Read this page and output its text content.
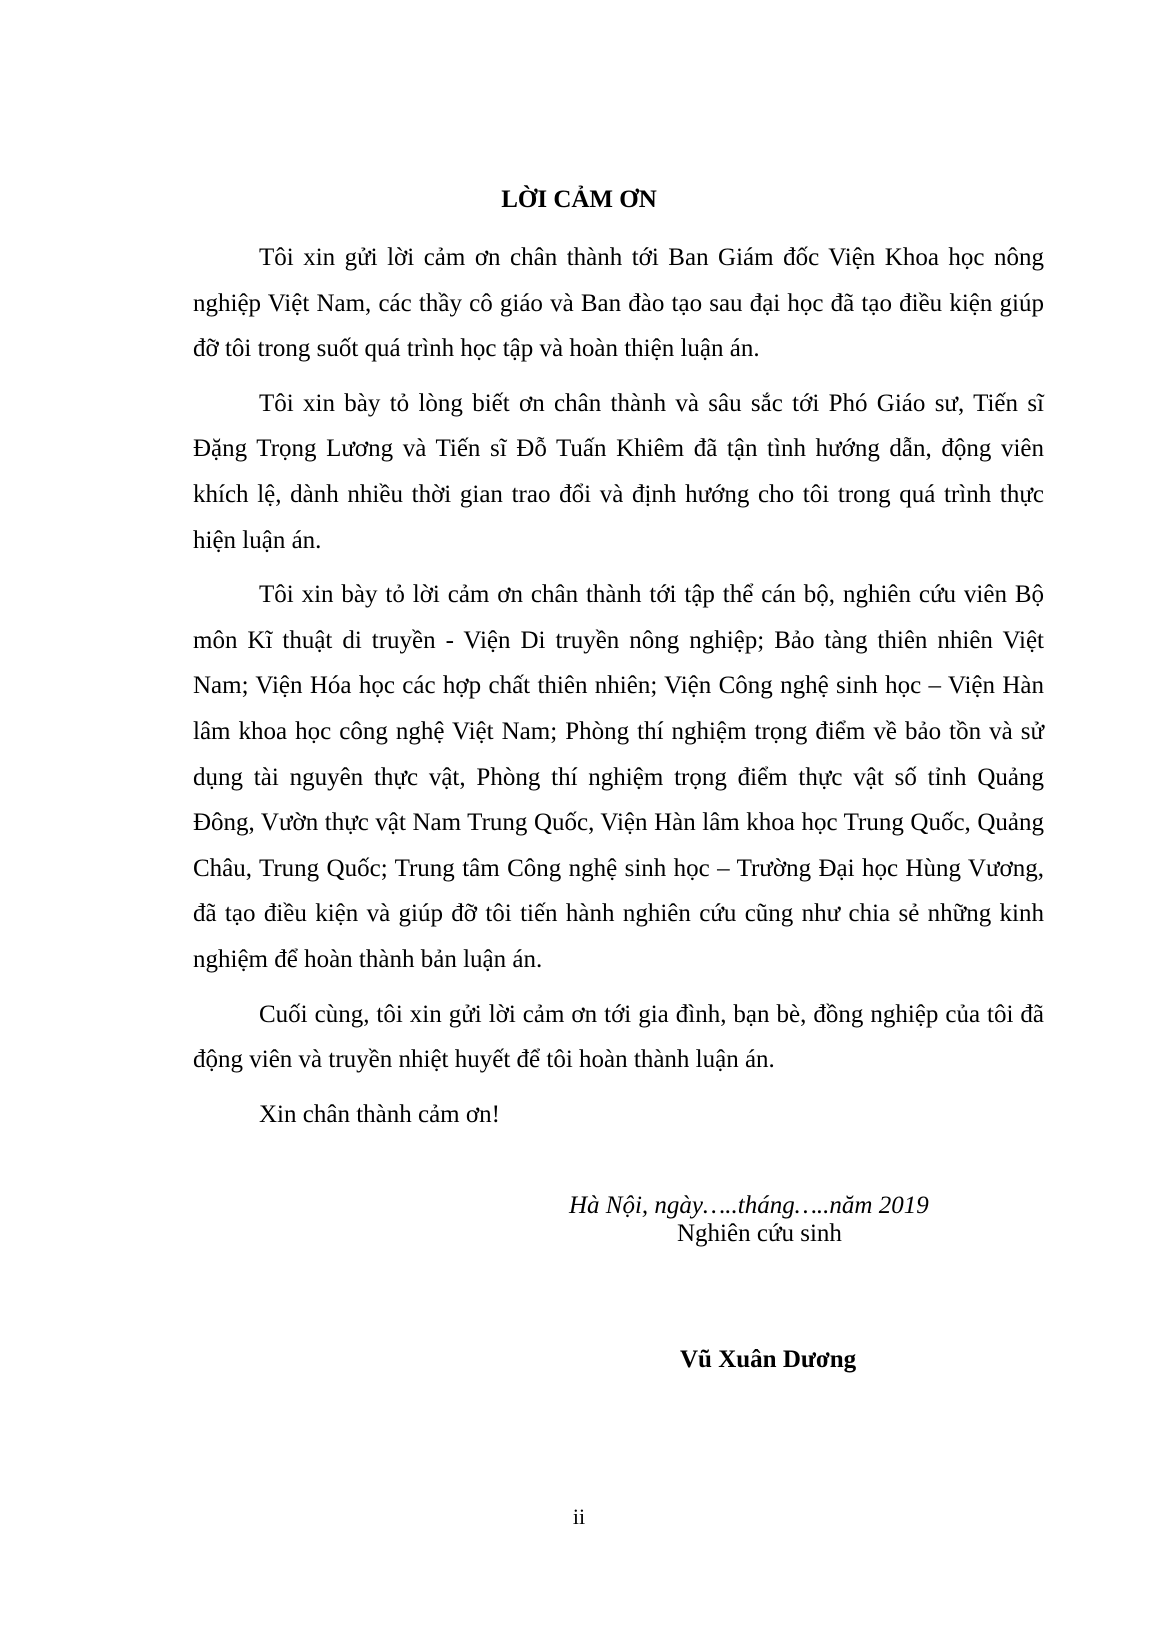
LỜI CẢM ƠN

Tôi xin gửi lời cảm ơn chân thành tới Ban Giám đốc Viện Khoa học nông nghiệp Việt Nam, các thầy cô giáo và Ban đào tạo sau đại học đã tạo điều kiện giúp đỡ tôi trong suốt quá trình học tập và hoàn thiện luận án.

Tôi xin bày tỏ lòng biết ơn chân thành và sâu sắc tới Phó Giáo sư, Tiến sĩ Đặng Trọng Lương và Tiến sĩ Đỗ Tuấn Khiêm đã tận tình hướng dẫn, động viên khích lệ, dành nhiều thời gian trao đổi và định hướng cho tôi trong quá trình thực hiện luận án.

Tôi xin bày tỏ lời cảm ơn chân thành tới tập thể cán bộ, nghiên cứu viên Bộ môn Kĩ thuật di truyền - Viện Di truyền nông nghiệp; Bảo tàng thiên nhiên Việt Nam; Viện Hóa học các hợp chất thiên nhiên; Viện Công nghệ sinh học – Viện Hàn lâm khoa học công nghệ Việt Nam; Phòng thí nghiệm trọng điểm về bảo tồn và sử dụng tài nguyên thực vật, Phòng thí nghiệm trọng điểm thực vật số tỉnh Quảng Đông, Vườn thực vật Nam Trung Quốc, Viện Hàn lâm khoa học Trung Quốc, Quảng Châu, Trung Quốc; Trung tâm Công nghệ sinh học – Trường Đại học Hùng Vương, đã tạo điều kiện và giúp đỡ tôi tiến hành nghiên cứu cũng như chia sẻ những kinh nghiệm để hoàn thành bản luận án.

Cuối cùng, tôi xin gửi lời cảm ơn tới gia đình, bạn bè, đồng nghiệp của tôi đã động viên và truyền nhiệt huyết để tôi hoàn thành luận án.

Xin chân thành cảm ơn!

Hà Nội, ngày…..tháng…..năm 2019
Nghiên cứu sinh
Vũ Xuân Dương
ii
